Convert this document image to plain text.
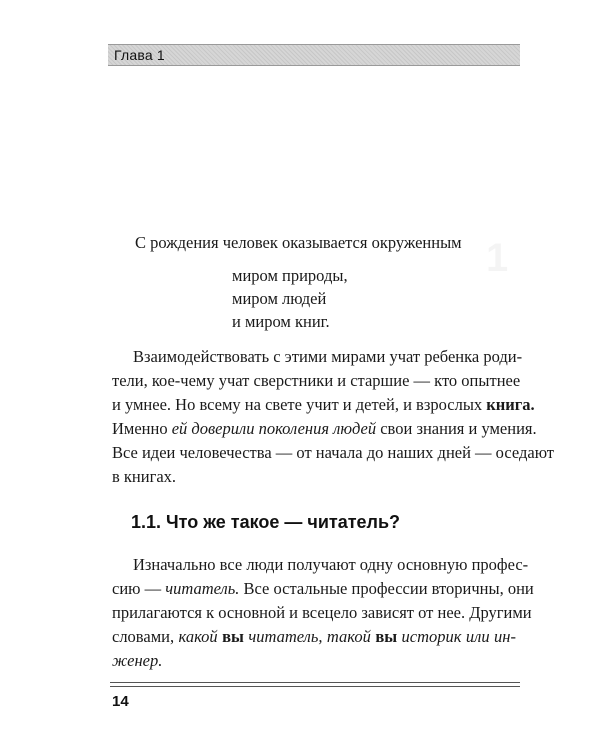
Глава 1
1
С рождения человек оказывается окруженным
миром природы,
миром людей
и миром книг.
Взаимодействовать с этими мирами учат ребенка роди-
тели, кое-чему учат сверстники и старшие — кто опытнее
и умнее. Но всему на свете учит и детей, и взрослых книга.
Именно ей доверили поколения людей свои знания и умения.
Все идеи человечества — от начала до наших дней — оседают
в книгах.
1.1. Что же такое — читатель?
Изначально все люди получают одну основную профес-
сию — читатель. Все остальные профессии вторичны, они
прилагаются к основной и всецело зависят от нее. Другими
словами, какой вы читатель, такой вы историк или ин-
женер.
14
